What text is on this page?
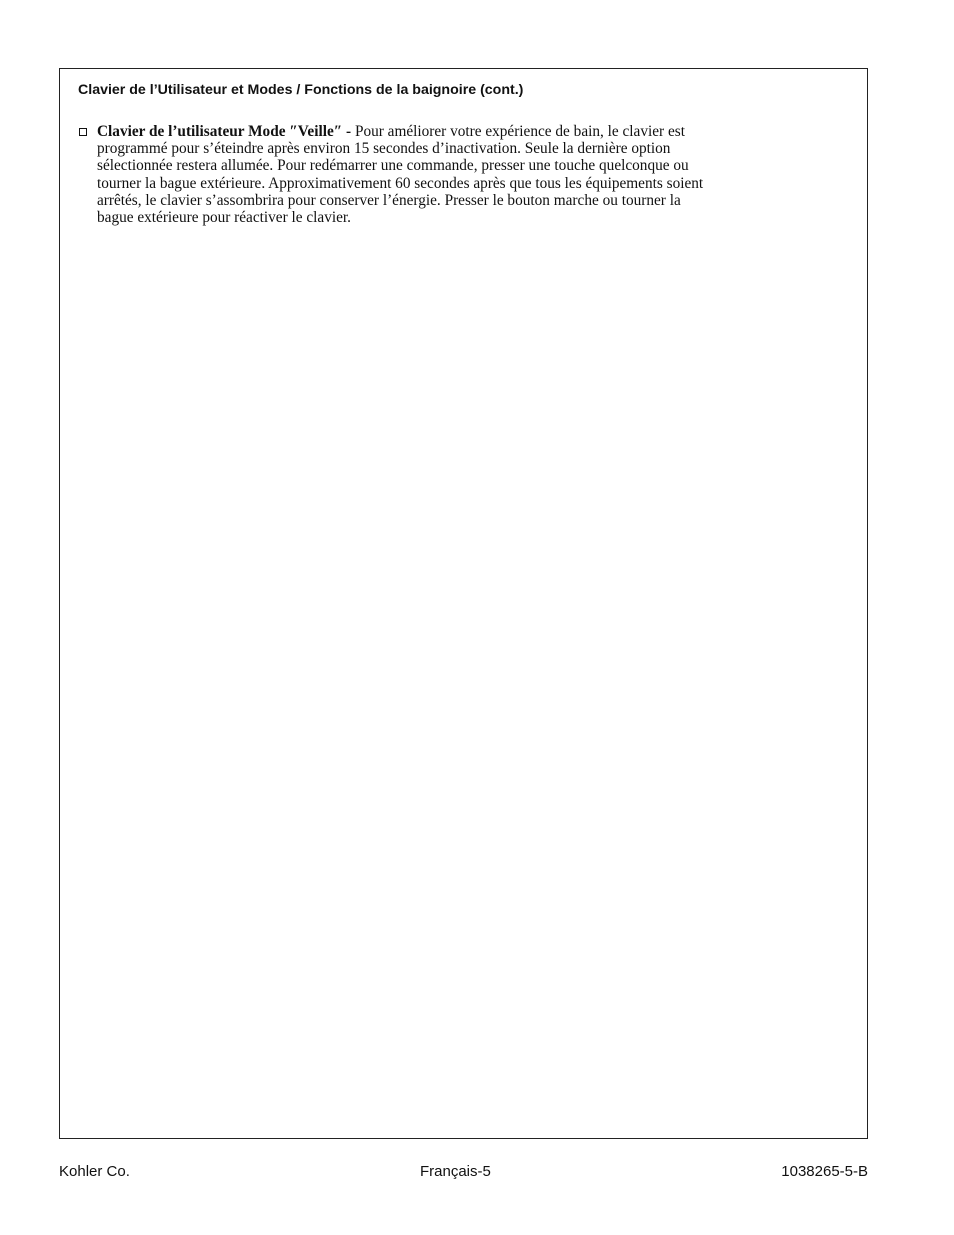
Clavier de l’Utilisateur et Modes / Fonctions de la baignoire (cont.)
Clavier de l’utilisateur Mode ″Veille″ - Pour améliorer votre expérience de bain, le clavier est
programmé pour s’éteindre après environ 15 secondes d’inactivation. Seule la dernière option
sélectionnée restera allumée. Pour redémarrer une commande, presser une touche quelconque ou
tourner la bague extérieure. Approximativement 60 secondes après que tous les équipements soient
arrêtés, le clavier s’assombrira pour conserver l’énergie. Presser le bouton marche ou tourner la
bague extérieure pour réactiver le clavier.
Kohler Co.	Français-5	1038265-5-B
